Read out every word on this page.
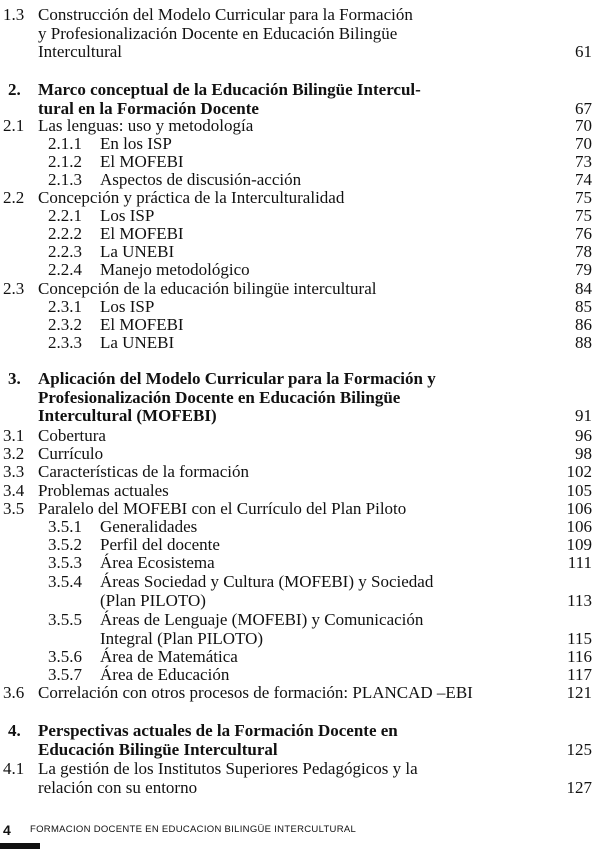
1.3 Construcción del Modelo Curricular para la Formación
y Profesionalización Docente en Educación Bilingüe
Intercultural	61
2. Marco conceptual de la Educación Bilingüe Intercul-
tural en la Formación Docente	67
2.1 Las lenguas: uso y metodología	70
2.1.1 En los ISP	70
2.1.2 El MOFEBI	73
2.1.3 Aspectos de discusión-acción	74
2.2 Concepción y práctica de la Interculturalidad	75
2.2.1 Los ISP	75
2.2.2 El MOFEBI	76
2.2.3 La UNEBI	78
2.2.4 Manejo metodológico	79
2.3 Concepción de la educación bilingüe intercultural	84
2.3.1 Los ISP	85
2.3.2 El MOFEBI	86
2.3.3 La UNEBI	88
3. Aplicación del Modelo Curricular para la Formación y
Profesionalización Docente en Educación Bilingüe
Intercultural (MOFEBI)	91
3.1 Cobertura	96
3.2 Currículo	98
3.3 Características de la formación	102
3.4 Problemas actuales	105
3.5 Paralelo del MOFEBI con el Currículo del Plan Piloto	106
3.5.1 Generalidades	106
3.5.2 Perfil del docente	109
3.5.3 Área Ecosistema	111
3.5.4 Áreas Sociedad y Cultura (MOFEBI) y Sociedad
(Plan PILOTO)	113
3.5.5 Áreas de Lenguaje (MOFEBI) y Comunicación
Integral (Plan PILOTO)	115
3.5.6 Área de Matemática	116
3.5.7 Área de Educación	117
3.6 Correlación con otros procesos de formación: PLANCAD –EBI	121
4. Perspectivas actuales de la Formación Docente en
Educación Bilingüe Intercultural	125
4.1 La gestión de los Institutos Superiores Pedagógicos y la
relación con su entorno	127
4 FORMACION DOCENTE EN EDUCACION BILINGÜE INTERCULTURAL
